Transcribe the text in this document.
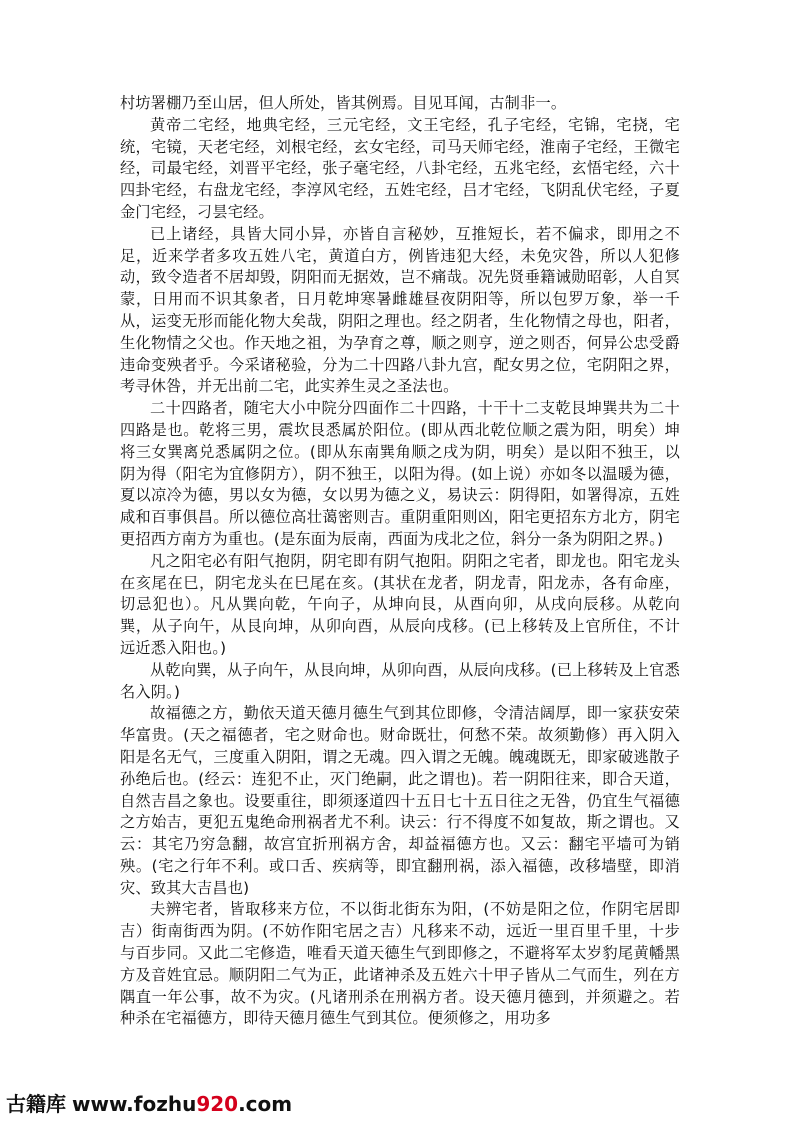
村坊署棚乃至山居，但人所处，皆其例焉。目见耳闻，古制非一。

黄帝二宅经，地典宅经，三元宅经，文王宅经，孔子宅经，宅锦，宅挠，宅统，宅镜，天老宅经，刘根宅经，玄女宅经，司马天师宅经，淮南子宅经，王微宅经，司最宅经，刘晋平宅经，张子毫宅经，八卦宅经，五兆宅经，玄悟宅经，六十四卦宅经，右盘龙宅经，李淳风宅经，五姓宅经，吕才宅经，飞阴乱伏宅经，子夏金门宅经，刁昙宅经。

已上诸经，具皆大同小异，亦皆自言秘妙，互推短长，若不偏求，即用之不足，近来学者多攻五姓八宅，黄道白方，例皆违犯大经，未免灾咎，所以人犯修动，致令造者不居却毁，阴阳而无据效，岂不痛哉。况先贤垂籍诫勋昭彰，人自冥蒙，日用而不识其象者，日月乾坤寒暑雌雄昼夜阴阳等，所以包罗万象，举一千从，运变无形而能化物大矣哉，阴阳之理也。经之阴者，生化物情之母也，阳者，生化物情之父也。作天地之祖，为孕育之尊，顺之则亨，逆之则否，何异公忠受爵违命变殃者乎。今采诸秘验，分为二十四路八卦九宫，配女男之位，宅阴阳之界，考寻休咎，并无出前二宅，此实养生灵之圣法也。

二十四路者，随宅大小中院分四面作二十四路，十干十二支乾艮坤巽共为二十四路是也。乾将三男，震坎艮悉属於阳位。(即从西北乾位顺之震为阳，明矣）坤将三女巽离兑悉属阴之位。(即从东南巽角顺之戌为阴，明矣）是以阳不独王，以阴为得（阳宅为宜修阴方），阴不独王，以阳为得。(如上说）亦如冬以温暖为德，夏以凉冷为德，男以女为德，女以男为德之义，易诀云：阴得阳，如署得凉，五姓咸和百事俱昌。所以德位高壮蔼密则吉。重阴重阳则凶，阳宅更招东方北方，阴宅更招西方南方为重也。(是东面为辰南，西面为戌北之位，斜分一条为阴阳之界。)

凡之阳宅必有阳气抱阴，阴宅即有阴气抱阳。阴阳之宅者，即龙也。阳宅龙头在亥尾在巳，阴宅龙头在巳尾在亥。(其状在龙者，阴龙青，阳龙赤，各有命座，切忌犯也）。凡从巽向乾，午向子，从坤向艮，从酉向卯，从戌向辰移。从乾向巽，从子向午，从艮向坤，从卯向酉，从辰向戌移。(已上移转及上官所住，不计远近悉入阳也。)

从乾向巽，从子向午，从艮向坤，从卯向酉，从辰向戌移。(已上移转及上官悉名入阴。)

故福德之方，勤依天道天德月德生气到其位即修，令清洁阔厚，即一家获安荣华富贵。(天之福德者，宅之财命也。财命既壮，何愁不荣。故须勤修）再入阴入阳是名无气，三度重入阴阳，谓之无魂。四入谓之无魄。魄魂既无，即家破逃散子孙绝后也。(经云：连犯不止，灭门绝嗣，此之谓也)。若一阴阳往来，即合天道，自然吉昌之象也。设要重往，即须逐道四十五日七十五日往之无咎，仍宜生气福德之方始吉，更犯五鬼绝命刑祸者尤不利。诀云：行不得度不如复故，斯之谓也。又云：其宅乃穷急翻，故宫宜折刑祸方舍，却益福德方也。又云：翻宅平墙可为销殃。(宅之行年不利。或口舌、疾病等，即宜翻刑祸，添入福德，改移墙壁，即消灾、致其大吉昌也)

夫辨宅者，皆取移来方位，不以街北街东为阳，(不妨是阳之位，作阴宅居即吉）街南街西为阴。(不妨作阳宅居之吉）凡移来不动，远近一里百里千里，十步与百步同。又此二宅修造，唯看天道天德生气到即修之，不避将军太岁豹尾黄幡黑方及音姓宜忌。顺阴阳二气为正，此诸神杀及五姓六十甲子皆从二气而生，列在方隅直一年公事，故不为灾。(凡诸刑杀在刑祸方者。设天德月德到，并须避之。若种杀在宅福德方，即待天德月德生气到其位。便须修之，用功多

古籍库 www.fozhu920.com
